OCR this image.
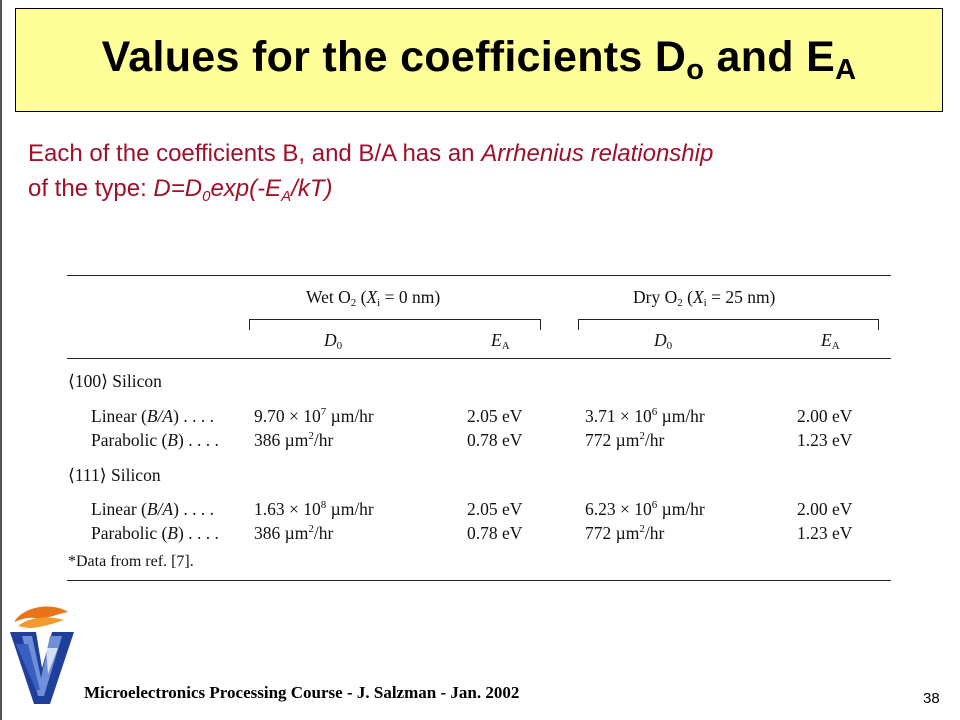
Values for the coefficients $D_o$ and $E_A$
Each of the coefficients B, and B/A has an Arrhenius relationship
of the type: $D=D_0\exp(-E_A/kT)$
Wet $O_2$ ($X_i = 0$ nm)	Dry $O_2$ ($X_i = 25$ nm)
$D_0$	$E_A$	$D_0$	$E_A$
⟨100⟩ Silicon
Linear (B/A) . . . . $9.70 \times 10^7$ µm/hr	2.05 eV	$3.71 \times 10^6$ µm/hr	2.00 eV
Parabolic (B) . . . . 386 µm$^2$/hr	0.78 eV	772 µm$^2$/hr	1.23 eV
⟨111⟩ Silicon
Linear (B/A) . . . . $1.63 \times 10^8$ µm/hr	2.05 eV	$6.23 \times 10^6$ µm/hr	2.00 eV
Parabolic (B) . . . . 386 µm$^2$/hr	0.78 eV	772 µm$^2$/hr	1.23 eV
*Data from ref. [7].
Microelectronics Processing Course - J. Salzman - Jan. 2002	38
